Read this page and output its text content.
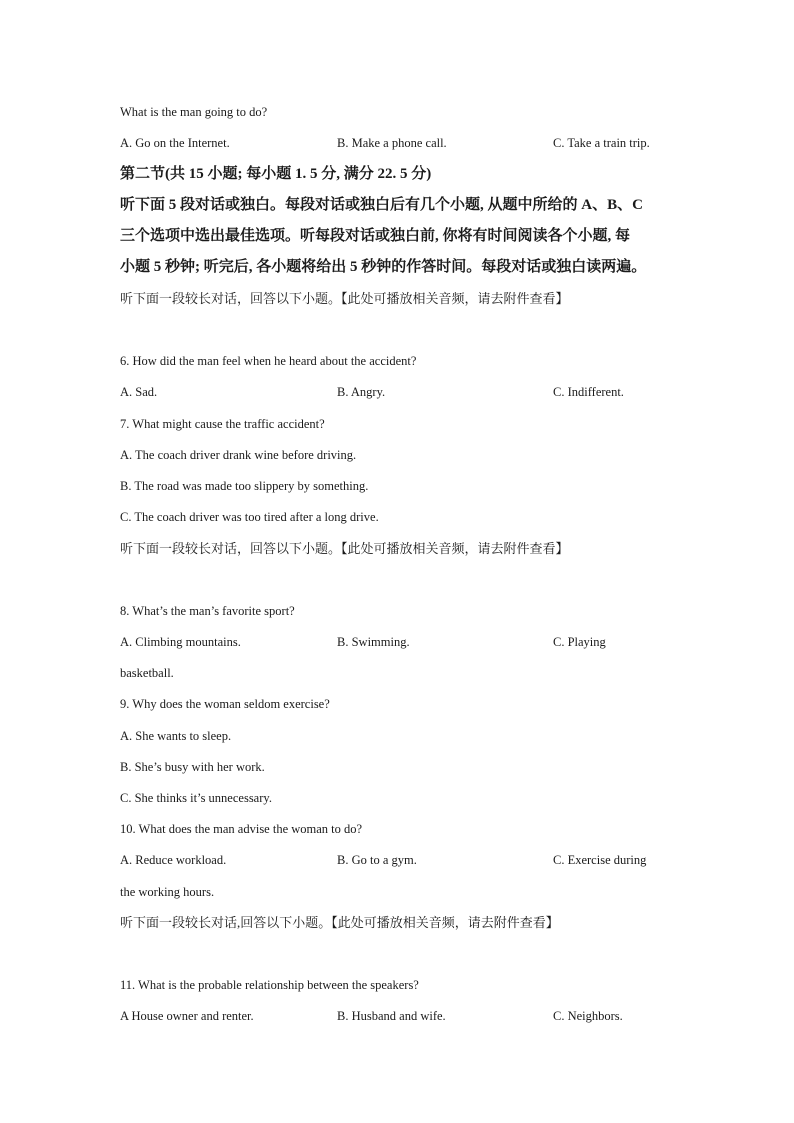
What is the man going to do?
A. Go on the Internet.	B. Make a phone call.	C. Take a train trip.
第二节(共 15 小题; 每小题 1. 5 分, 满分 22. 5 分)
听下面 5 段对话或独白。每段对话或独白后有几个小题, 从题中所给的 A、B、C
三个选项中选出最佳选项。听每段对话或独白前, 你将有时间阅读各个小题, 每
小题 5 秒钟; 听完后, 各小题将给出 5 秒钟的作答时间。每段对话或独白读两遍。
听下面一段较长对话，回答以下小题。【此处可播放相关音频，请去附件查看】
6. How did the man feel when he heard about the accident?
A. Sad.	B. Angry.	C. Indifferent.
7. What might cause the traffic accident?
A. The coach driver drank wine before driving.
B. The road was made too slippery by something.
C. The coach driver was too tired after a long drive.
听下面一段较长对话，回答以下小题。【此处可播放相关音频，请去附件查看】
8. What’s the man’s favorite sport?
A. Climbing mountains.	B. Swimming.	C. Playing
basketball.
9. Why does the woman seldom exercise?
A. She wants to sleep.
B. She’s busy with her work.
C. She thinks it’s unnecessary.
10. What does the man advise the woman to do?
A. Reduce workload.	B. Go to a gym.	C. Exercise during
the working hours.
听下面一段较长对话,回答以下小题。【此处可播放相关音频，请去附件查看】
11. What is the probable relationship between the speakers?
A House owner and renter.	B. Husband and wife.	C. Neighbors.
